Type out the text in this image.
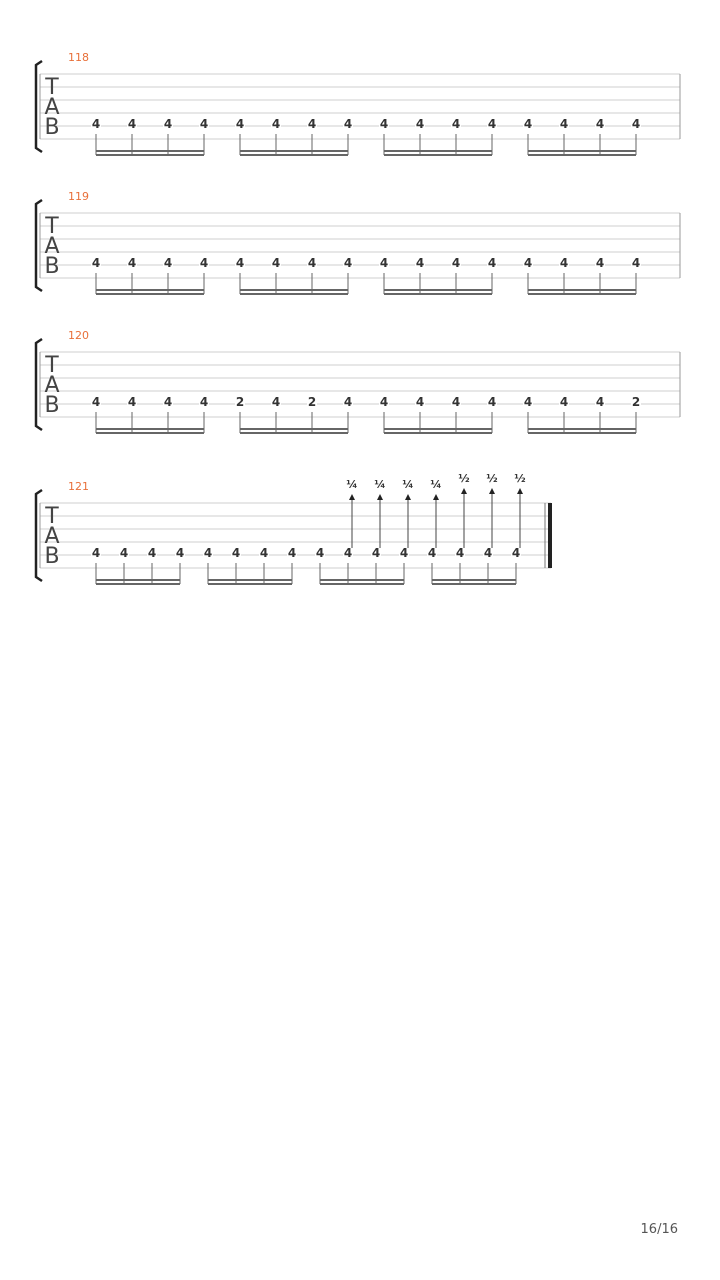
118
T
A
B	4 4 4 4 4 4 4 4 4 4 4 4 4 4 4 4
119
T
A
B	4 4 4 4 4 4 4 4 4 4 4 4 4 4 4 4
120
T
A
B	4 4 4 4 2 4 2 4 4 4 4 4 4 4 4 2
121
T
A
B	4 4 4 4 4 4 4 4 4 4 4 4 4 4 4 4
¼ ¼ ¼ ¼ ½ ½ ½
16/16
